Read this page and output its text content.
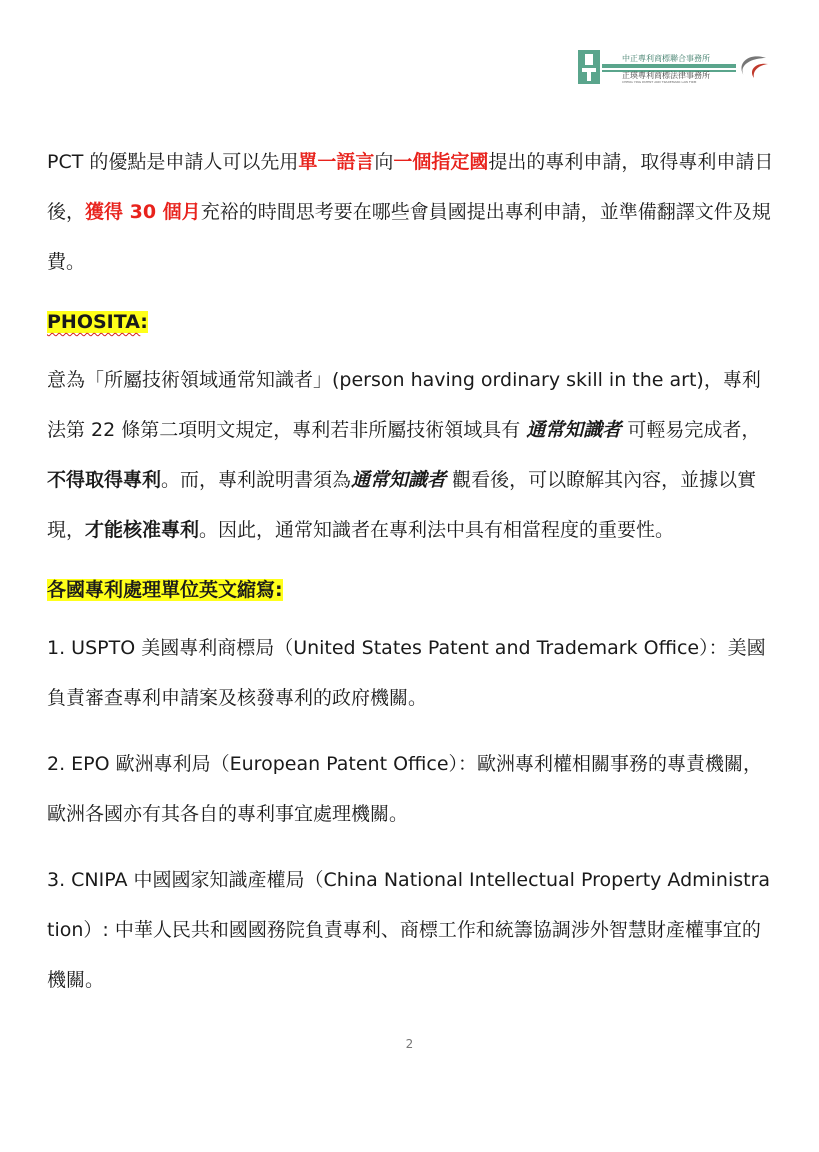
中正專利商標聯合事務所
正瑛專利商標法律事務所
CHENG YING PATENT AND TRADEMARK LAW FIRM

PCT 的優點是申請人可以先用單一語言向一個指定國提出的專利申請，取得專利申請日後，獲得 30 個月充裕的時間思考要在哪些會員國提出專利申請，並準備翻譯文件及規費。

PHOSITA:

意為「所屬技術領域通常知識者」(person having ordinary skill in the art)，專利法第 22 條第二項明文規定，專利若非所屬技術領域具有 通常知識者 可輕易完成者，不得取得專利。而，專利說明書須為通常知識者 觀看後，可以瞭解其內容，並據以實現，才能核准專利。因此，通常知識者在專利法中具有相當程度的重要性。

各國專利處理單位英文縮寫:

1. USPTO 美國專利商標局（United States Patent and Trademark Office）：美國負責審查專利申請案及核發專利的政府機關。

2. EPO 歐洲專利局（European Patent Office）：歐洲專利權相關事務的專責機關，歐洲各國亦有其各自的專利事宜處理機關。

3. CNIPA 中國國家知識產權局（China National Intellectual Property Administration）: 中華人民共和國國務院負責專利、商標工作和統籌協調涉外智慧財產權事宜的機關。

2
